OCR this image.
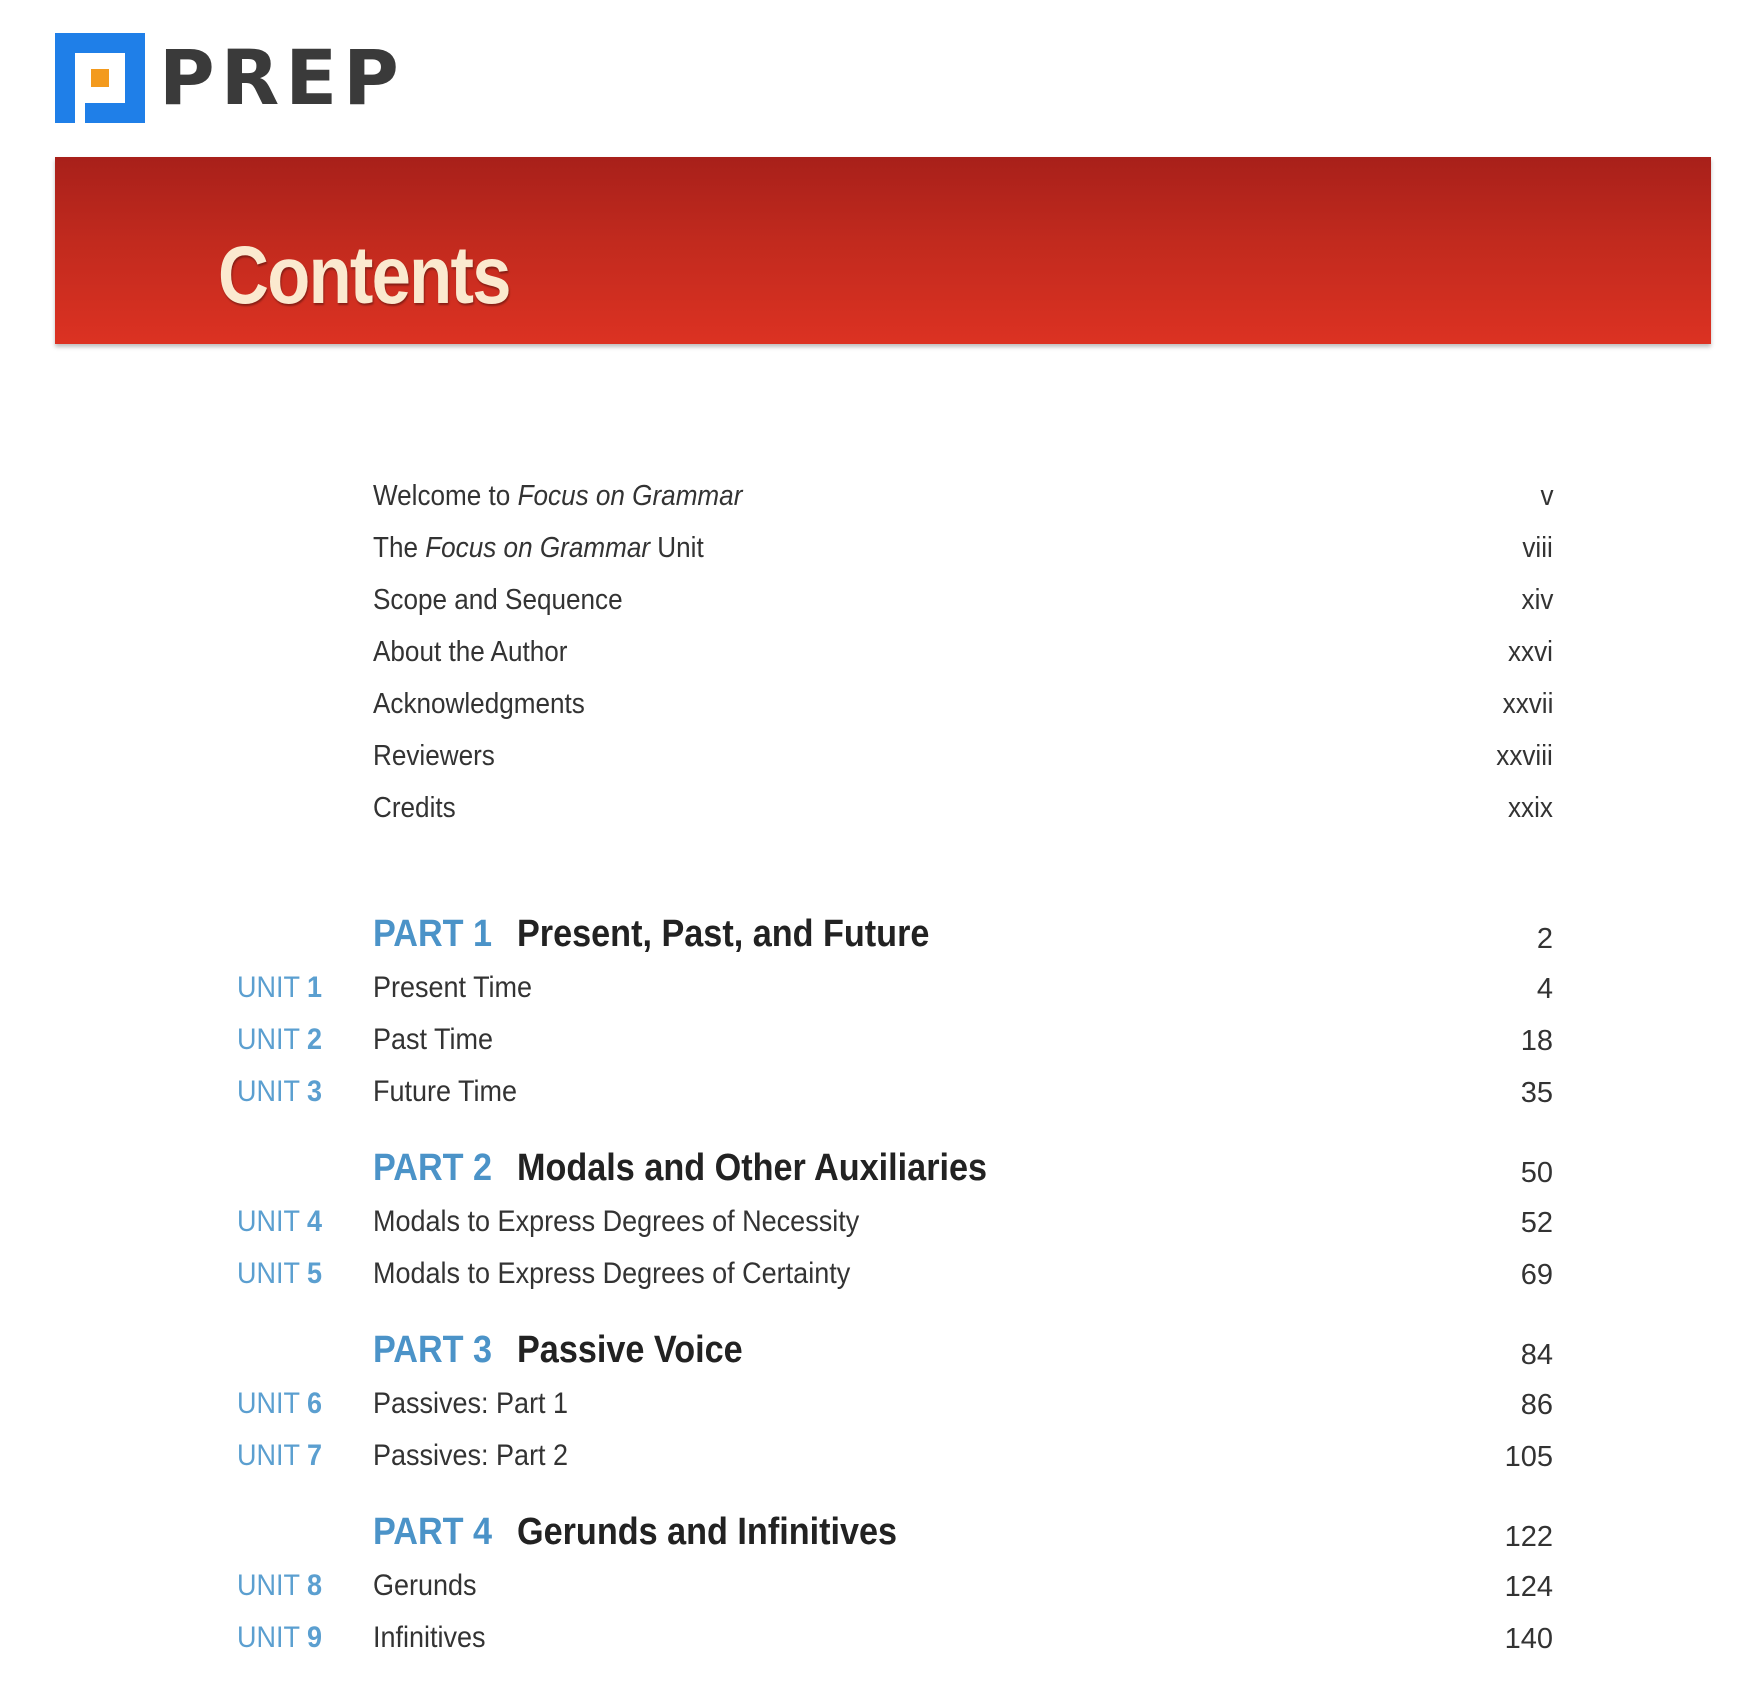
PREP
Contents
Welcome to Focus on Grammar	v
The Focus on Grammar Unit	viii
Scope and Sequence	xiv
About the Author	xxvi
Acknowledgments	xxvii
Reviewers	xxviii
Credits	xxix
PART 1 Present, Past, and Future	2
UNIT 1 Present Time	4
UNIT 2 Past Time	18
UNIT 3 Future Time	35
PART 2 Modals and Other Auxiliaries	50
UNIT 4 Modals to Express Degrees of Necessity	52
UNIT 5 Modals to Express Degrees of Certainty	69
PART 3 Passive Voice	84
UNIT 6 Passives: Part 1	86
UNIT 7 Passives: Part 2	105
PART 4 Gerunds and Infinitives	122
UNIT 8 Gerunds	124
UNIT 9 Infinitives	140
